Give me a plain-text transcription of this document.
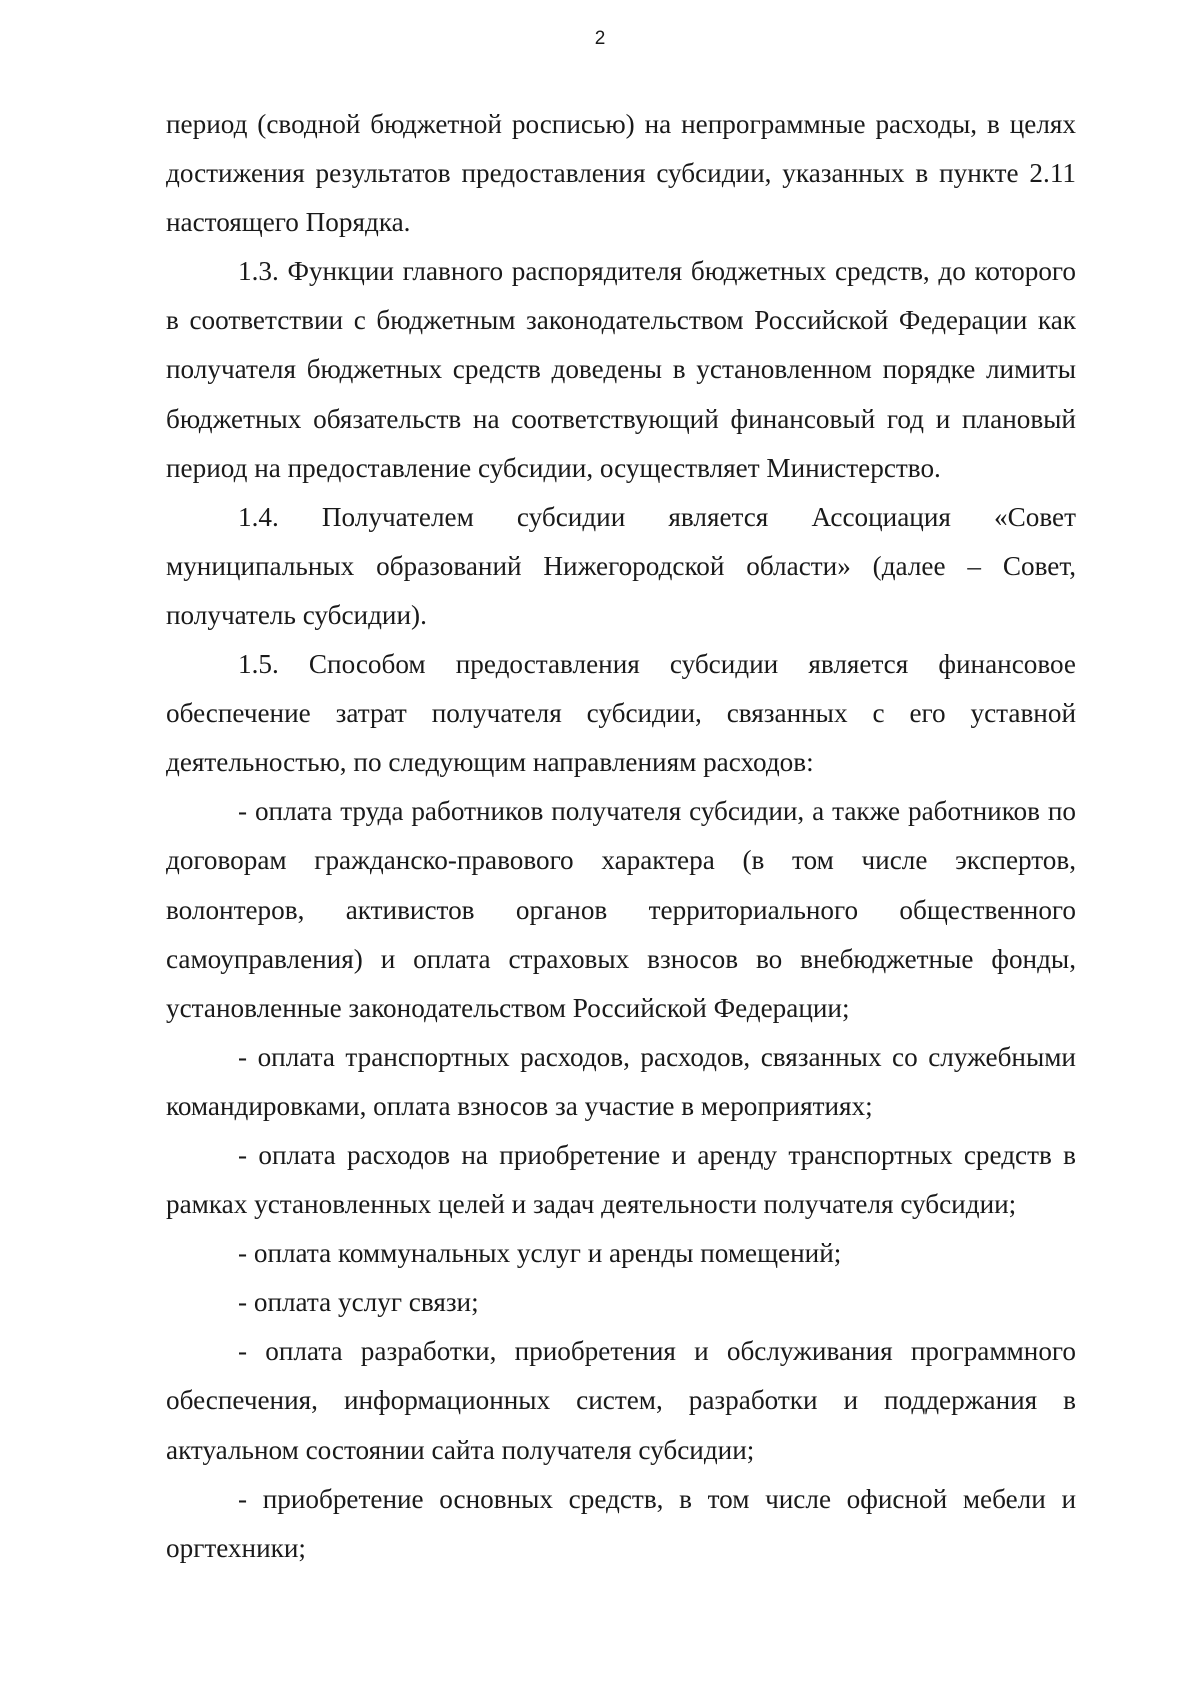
2

период (сводной бюджетной росписью) на непрограммные расходы, в целях достижения результатов предоставления субсидии, указанных в пункте 2.11 настоящего Порядка.

1.3. Функции главного распорядителя бюджетных средств, до которого в соответствии с бюджетным законодательством Российской Федерации как получателя бюджетных средств доведены в установленном порядке лимиты бюджетных обязательств на соответствующий финансовый год и плановый период на предоставление субсидии, осуществляет Министерство.

1.4. Получателем субсидии является Ассоциация «Совет муниципальных образований Нижегородской области» (далее – Совет, получатель субсидии).

1.5. Способом предоставления субсидии является финансовое обеспечение затрат получателя субсидии, связанных с его уставной деятельностью, по следующим направлениям расходов:

- оплата труда работников получателя субсидии, а также работников по договорам гражданско-правового характера (в том числе экспертов, волонтеров, активистов органов территориального общественного самоуправления) и оплата страховых взносов во внебюджетные фонды, установленные законодательством Российской Федерации;

- оплата транспортных расходов, расходов, связанных со служебными командировками, оплата взносов за участие в мероприятиях;

- оплата расходов на приобретение и аренду транспортных средств в рамках установленных целей и задач деятельности получателя субсидии;

- оплата коммунальных услуг и аренды помещений;

- оплата услуг связи;

- оплата разработки, приобретения и обслуживания программного обеспечения, информационных систем, разработки и поддержания в актуальном состоянии сайта получателя субсидии;

- приобретение основных средств, в том числе офисной мебели и оргтехники;
